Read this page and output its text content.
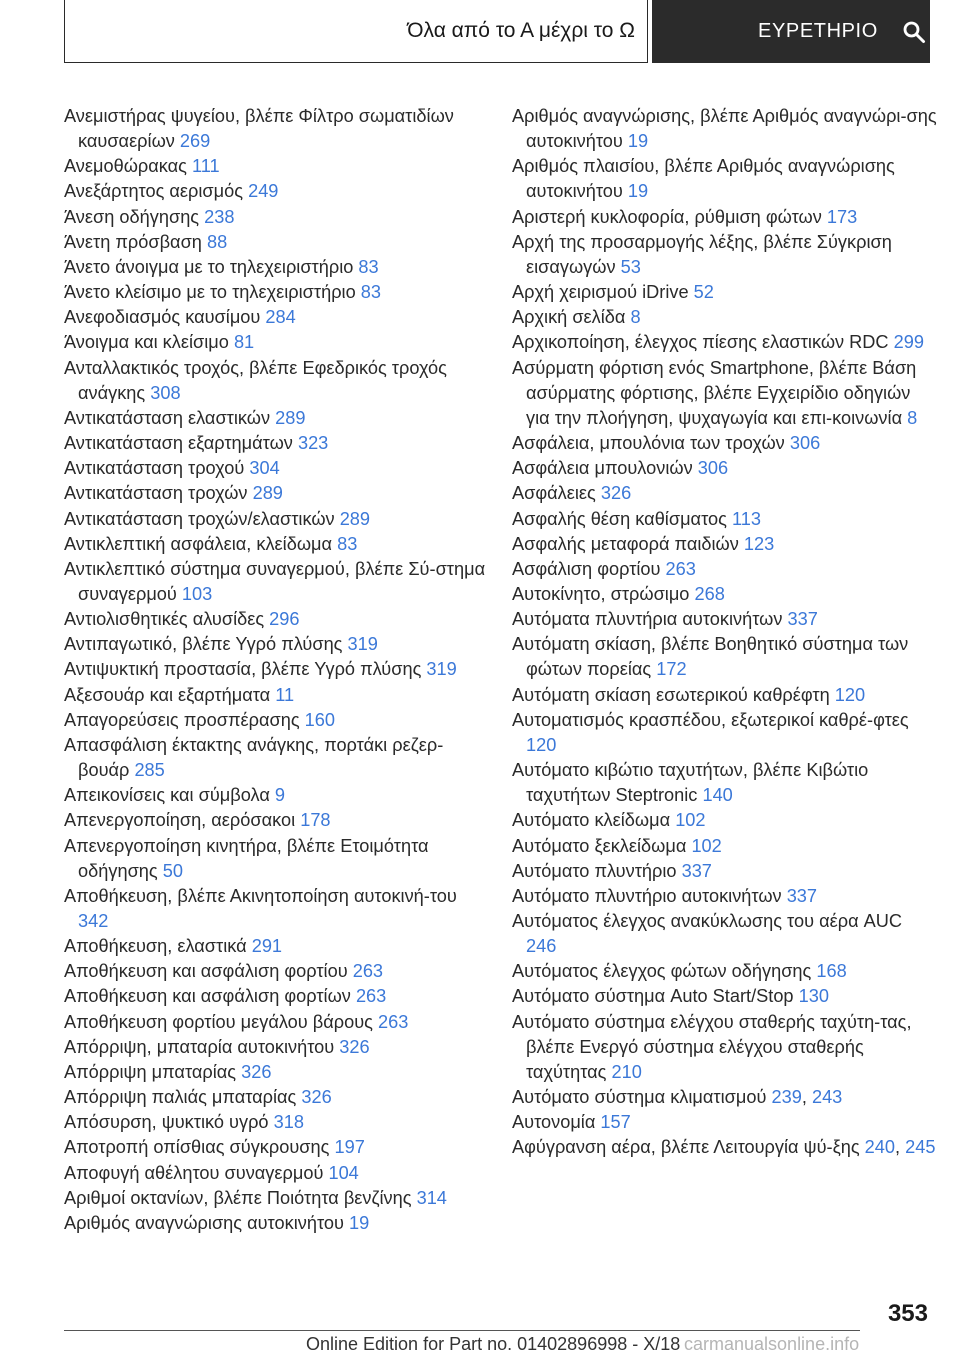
Όλα από το Α μέχρι το Ω	ΕΥΡΕΤΗΡΙΟ
Ανεμιστήρας ψυγείου, βλέπε Φίλτρο σωματιδίων καυσαερίων 269
Ανεμοθώρακας 111
Ανεξάρτητος αερισμός 249
Άνεση οδήγησης 238
Άνετη πρόσβαση 88
Άνετο άνοιγμα με το τηλεχειριστήριο 83
Άνετο κλείσιμο με το τηλεχειριστήριο 83
Ανεφοδιασμός καυσίμου 284
Άνοιγμα και κλείσιμο 81
Ανταλλακτικός τροχός, βλέπε Εφεδρικός τροχός ανάγκης 308
Αντικατάσταση ελαστικών 289
Αντικατάσταση εξαρτημάτων 323
Αντικατάσταση τροχού 304
Αντικατάσταση τροχών 289
Αντικατάσταση τροχών/ελαστικών 289
Αντικλεπτική ασφάλεια, κλείδωμα 83
Αντικλεπτικό σύστημα συναγερμού, βλέπε Σύ-στημα συναγερμού 103
Αντιολισθητικές αλυσίδες 296
Αντιπαγωτικό, βλέπε Υγρό πλύσης 319
Αντιψυκτική προστασία, βλέπε Υγρό πλύσης 319
Αξεσουάρ και εξαρτήματα 11
Απαγορεύσεις προσπέρασης 160
Απασφάλιση έκτακτης ανάγκης, πορτάκι ρεζερ-βουάρ 285
Απεικονίσεις και σύμβολα 9
Απενεργοποίηση, αερόσακοι 178
Απενεργοποίηση κινητήρα, βλέπε Ετοιμότητα οδήγησης 50
Αποθήκευση, βλέπε Ακινητοποίηση αυτοκινή-του 342
Αποθήκευση, ελαστικά 291
Αποθήκευση και ασφάλιση φορτίου 263
Αποθήκευση και ασφάλιση φορτίων 263
Αποθήκευση φορτίου μεγάλου βάρους 263
Απόρριψη, μπαταρία αυτοκινήτου 326
Απόρριψη μπαταρίας 326
Απόρριψη παλιάς μπαταρίας 326
Απόσυρση, ψυκτικό υγρό 318
Αποτροπή οπίσθιας σύγκρουσης 197
Αποφυγή αθέλητου συναγερμού 104
Αριθμοί οκτανίων, βλέπε Ποιότητα βενζίνης 314
Αριθμός αναγνώρισης αυτοκινήτου 19
Αριθμός αναγνώρισης, βλέπε Αριθμός αναγνώρι-σης αυτοκινήτου 19
Αριθμός πλαισίου, βλέπε Αριθμός αναγνώρισης αυτοκινήτου 19
Αριστερή κυκλοφορία, ρύθμιση φώτων 173
Αρχή της προσαρμογής λέξης, βλέπε Σύγκριση εισαγωγών 53
Αρχή χειρισμού iDrive 52
Αρχική σελίδα 8
Αρχικοποίηση, έλεγχος πίεσης ελαστικών RDC 299
Ασύρματη φόρτιση ενός Smartphone, βλέπε Βάση ασύρματης φόρτισης, βλέπε Εγχειρίδιο οδηγιών για την πλοήγηση, ψυχαγωγία και επι-κοινωνία 8
Ασφάλεια, μπουλόνια των τροχών 306
Ασφάλεια μπουλονιών 306
Ασφάλειες 326
Ασφαλής θέση καθίσματος 113
Ασφαλής μεταφορά παιδιών 123
Ασφάλιση φορτίου 263
Αυτοκίνητο, στρώσιμο 268
Αυτόματα πλυντήρια αυτοκινήτων 337
Αυτόματη σκίαση, βλέπε Βοηθητικό σύστημα των φώτων πορείας 172
Αυτόματη σκίαση εσωτερικού καθρέφτη 120
Αυτοματισμός κρασπέδου, εξωτερικοί καθρέ-φτες 120
Αυτόματο κιβώτιο ταχυτήτων, βλέπε Κιβώτιο ταχυτήτων Steptronic 140
Αυτόματο κλείδωμα 102
Αυτόματο ξεκλείδωμα 102
Αυτόματο πλυντήριο 337
Αυτόματο πλυντήριο αυτοκινήτων 337
Αυτόματος έλεγχος ανακύκλωσης του αέρα AUC 246
Αυτόματος έλεγχος φώτων οδήγησης 168
Αυτόματο σύστημα Auto Start/Stop 130
Αυτόματο σύστημα ελέγχου σταθερής ταχύτη-τας, βλέπε Ενεργό σύστημα ελέγχου σταθερής ταχύτητας 210
Αυτόματο σύστημα κλιματισμού 239, 243
Αυτονομία 157
Αφύγρανση αέρα, βλέπε Λειτουργία ψύ-ξης 240, 245
353
Online Edition for Part no. 01402896998 - X/18 carmanualsonline.info
